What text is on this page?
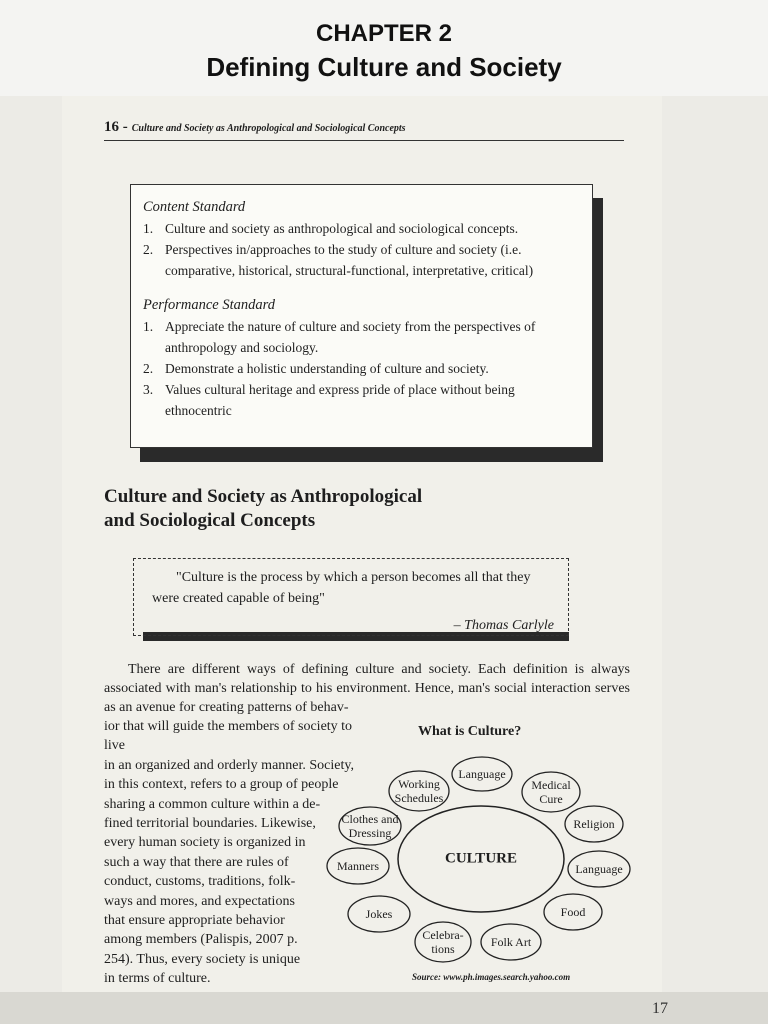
CHAPTER 2
Defining Culture and Society
16 - Culture and Society as Anthropological and Sociological Concepts
Content Standard
1. Culture and society as anthropological and sociological concepts.
2. Perspectives in/approaches to the study of culture and society (i.e. comparative, historical, structural-functional, interpretative, critical)
Performance Standard
1. Appreciate the nature of culture and society from the perspectives of anthropology and sociology.
2. Demonstrate a holistic understanding of culture and society.
3. Values cultural heritage and express pride of place without being ethnocentric
Culture and Society as Anthropological
and Sociological Concepts
"Culture is the process by which a person becomes all that they were created capable of being"
– Thomas Carlyle
There are different ways of defining culture and society. Each definition is always associated with man's relationship to his environment. Hence, man's social interaction serves as an avenue for creating patterns of behav-

ior that will guide the members of society to live

in an organized and orderly manner. Society,

in this context, refers to a group of people

sharing a common culture within a de-

fined territorial boundaries. Likewise,

every human society is organized in

such a way that there are rules of

conduct, customs, traditions, folk-

ways and mores, and expectations

that ensure appropriate behavior

among members (Palispis, 2007 p.

254). Thus, every society is unique

in terms of culture.

What is Culture?
CULTURE
Language
Working
Schedules
Medical
Cure
Clothes and
Dressing
Religion
Manners	Language
Jokes	Food
Celebra-
tions	Folk Art
Source: www.ph.images.search.yahoo.com
17
